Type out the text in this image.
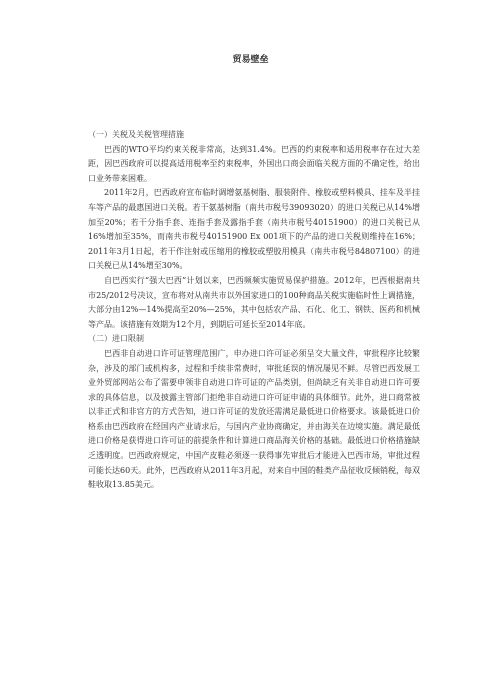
贸易壁垒

（一）关税及关税管理措施

巴西的WTO平均约束关税非常高，达到31.4%。巴西的约束税率和适用税率存在过大差距，因巴西政府可以提高适用税率至约束税率，外国出口商会面临关税方面的不确定性，给出口业务带来困难。

2011年2月，巴西政府宣布临时调增氨基树脂、服装附件、橡胶或塑料模具、挂车及半挂车等产品的最惠国进口关税。若干氨基树脂（南共市税号39093020）的进口关税已从14%增加至20%；若干分指手套、连指手套及露指手套（南共市税号40151900）的进口关税已从16%增加至35%，而南共市税号40151900 Ex 001项下的产品的进口关税则维持在16%；2011年3月1日起，若干作注射或压缩用的橡胶或塑胶用模具（南共市税号84807100）的进口关税已从14%增至30%。

自巴西实行“强大巴西”计划以来，巴西频频实施贸易保护措施。2012年，巴西根据南共市25/2012号决议，宣布将对从南共市以外国家进口的100种商品关税实施临时性上调措施，大部分由12%—14%提高至20%—25%，其中包括农产品、石化、化工、钢铁、医药和机械等产品。该措施有效期为12个月，到期后可延长至2014年底。

（二）进口限制

巴西非自动进口许可证管理范围广，申办进口许可证必须呈交大量文件，审批程序比较繁杂，涉及的部门或机构多，过程和手续非常费时，审批延误的情况屡见不鲜。尽管巴西发展工业外贸部网站公布了需要申领非自动进口许可证的产品类别，但尚缺乏有关非自动进口许可要求的具体信息，以及披露主管部门拒绝非自动进口许可证申请的具体细节。此外，进口商常被以非正式和非官方的方式告知，进口许可证的发放还需满足最低进口价格要求。该最低进口价格系由巴西政府在经国内产业请求后，与国内产业协商确定，并由海关在边境实施。满足最低进口价格是获得进口许可证的前提条件和计算进口商品海关价格的基础。最低进口价格措施缺乏透明度。巴西政府规定，中国产皮鞋必须逐一获得事先审批后才能进入巴西市场，审批过程可能长达60天。此外，巴西政府从2011年3月起，对来自中国的鞋类产品征收反倾销税，每双鞋收取13.85美元。
